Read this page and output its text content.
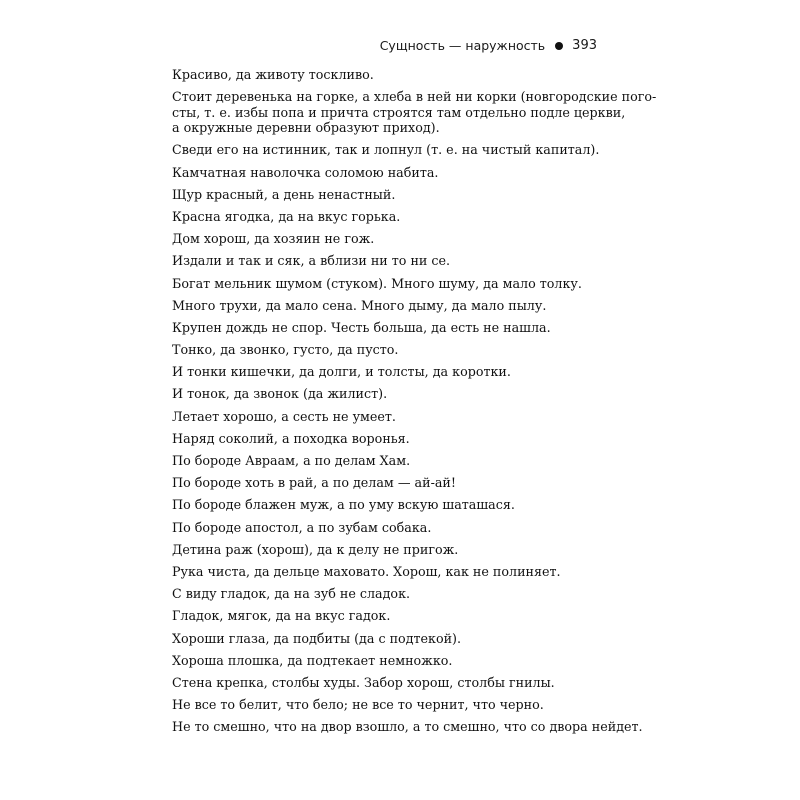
Сущность — наружность 393
Красиво, да животу тоскливо.
Стоит деревенька на горке, а хлеба в ней ни корки (новгородские пого-
сты, т. е. избы попа и причта строятся там отдельно подле церкви,
а окружные деревни образуют приход).
Сведи его на истинник, так и лопнул (т. е. на чистый капитал).
Камчатная наволочка соломою набита.
Щур красный, а день ненастный.
Красна ягодка, да на вкус горька.
Дом хорош, да хозяин не гож.
Издали и так и сяк, а вблизи ни то ни се.
Богат мельник шумом (стуком). Много шуму, да мало толку.
Много трухи, да мало сена. Много дыму, да мало пылу.
Крупен дождь не спор. Честь больша, да есть не нашла.
Тонко, да звонко, густо, да пусто.
И тонки кишечки, да долги, и толсты, да коротки.
И тонок, да звонок (да жилист).
Летает хорошо, а сесть не умеет.
Наряд соколий, а походка воронья.
По бороде Авраам, а по делам Хам.
По бороде хоть в рай, а по делам — ай-ай!
По бороде блажен муж, а по уму вскую шаташася.
По бороде апостол, а по зубам собака.
Детина раж (хорош), да к делу не пригож.
Рука чиста, да дельце маховато. Хорош, как не полиняет.
С виду гладок, да на зуб не сладок.
Гладок, мягок, да на вкус гадок.
Хороши глаза, да подбиты (да с подтекой).
Хороша плошка, да подтекает немножко.
Стена крепка, столбы худы. Забор хорош, столбы гнилы.
Не все то белит, что бело; не все то чернит, что черно.
Не то смешно, что на двор взошло, а то смешно, что со двора нейдет.
